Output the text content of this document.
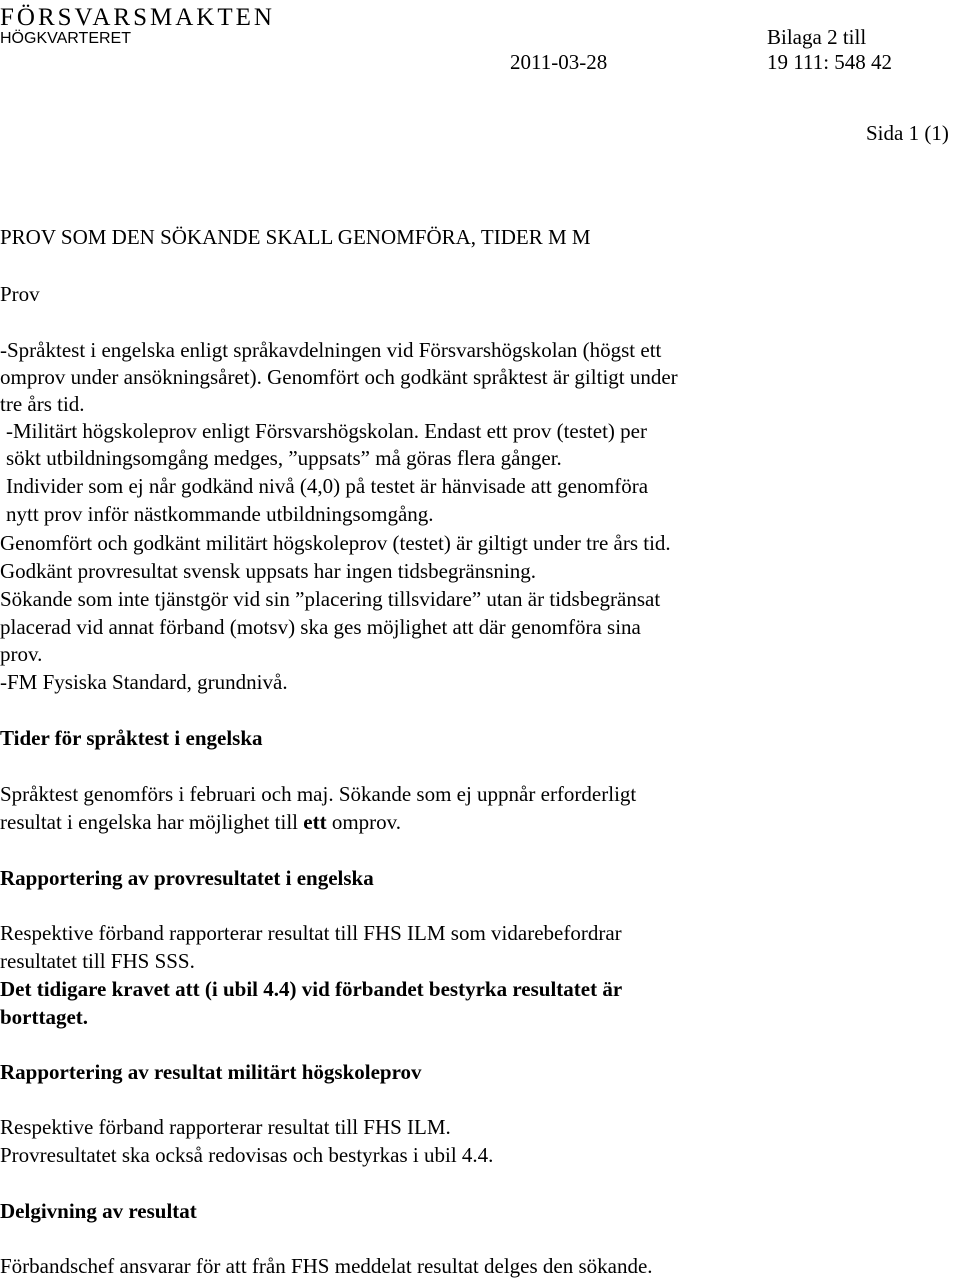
FÖRSVARSMAKTEN
HÖGKVARTERET	Bilaga 2 till
2011-03-28	19 111: 548 42
Sida 1 (1)
PROV SOM DEN SÖKANDE SKALL GENOMFÖRA, TIDER M M
Prov
-Språktest i engelska enligt språkavdelningen vid Försvarshögskolan (högst ett
omprov under ansökningsåret). Genomfört och godkänt språktest är giltigt under
tre års tid.
-Militärt högskoleprov enligt Försvarshögskolan. Endast ett prov (testet) per
sökt utbildningsomgång medges, ”uppsats” må göras flera gånger.
Individer som ej når godkänd nivå (4,0) på testet är hänvisade att genomföra
nytt prov inför nästkommande utbildningsomgång.
Genomfört och godkänt militärt högskoleprov (testet) är giltigt under tre års tid.
Godkänt provresultat svensk uppsats har ingen tidsbegränsning.
Sökande som inte tjänstgör vid sin ”placering tillsvidare” utan är tidsbegränsat
placerad vid annat förband (motsv) ska ges möjlighet att där genomföra sina
prov.
-FM Fysiska Standard, grundnivå.
Tider för språktest i engelska
Språktest genomförs i februari och maj. Sökande som ej uppnår erforderligt
resultat i engelska har möjlighet till ett omprov.
Rapportering av provresultatet i engelska
Respektive förband rapporterar resultat till FHS ILM som vidarebefordrar
resultatet till FHS SSS.
Det tidigare kravet att (i ubil 4.4) vid förbandet bestyrka resultatet är
borttaget.
Rapportering av resultat militärt högskoleprov
Respektive förband rapporterar resultat till FHS ILM.
Provresultatet ska också redovisas och bestyrkas i ubil 4.4.
Delgivning av resultat
Förbandschef ansvarar för att från FHS meddelat resultat delges den sökande.
